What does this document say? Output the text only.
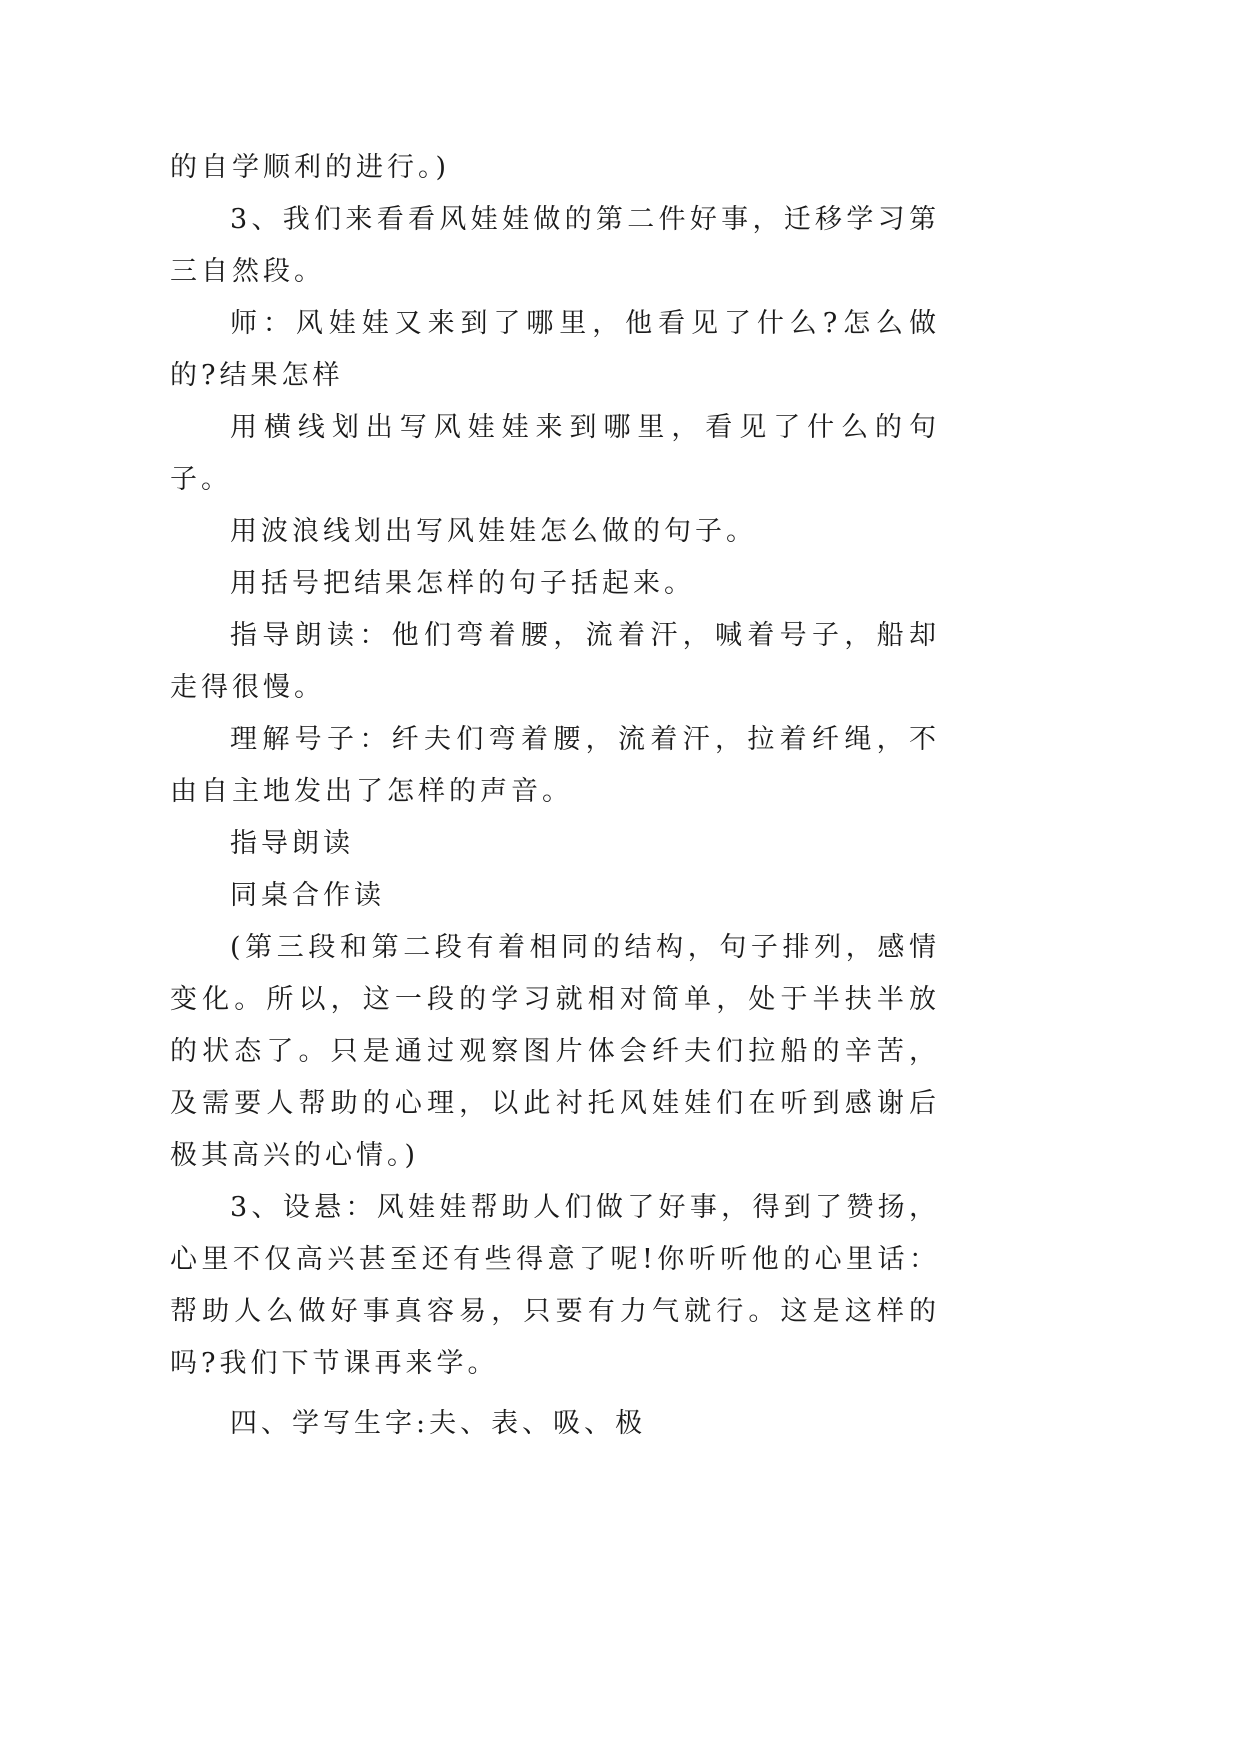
的自学顺利的进行。)

3、我们来看看风娃娃做的第二件好事，迁移学习第三自然段。

师：风娃娃又来到了哪里，他看见了什么?怎么做的?结果怎样

用横线划出写风娃娃来到哪里，看见了什么的句子。

用波浪线划出写风娃娃怎么做的句子。

用括号把结果怎样的句子括起来。

指导朗读：他们弯着腰，流着汗，喊着号子，船却走得很慢。

理解号子：纤夫们弯着腰，流着汗，拉着纤绳，不由自主地发出了怎样的声音。

指导朗读

同桌合作读

(第三段和第二段有着相同的结构，句子排列，感情变化。所以，这一段的学习就相对简单，处于半扶半放的状态了。只是通过观察图片体会纤夫们拉船的辛苦，及需要人帮助的心理，以此衬托风娃娃们在听到感谢后极其高兴的心情。)

3、设悬：风娃娃帮助人们做了好事，得到了赞扬，心里不仅高兴甚至还有些得意了呢!你听听他的心里话：帮助人么做好事真容易，只要有力气就行。这是这样的吗?我们下节课再来学。

四、学写生字:夫、表、吸、极
